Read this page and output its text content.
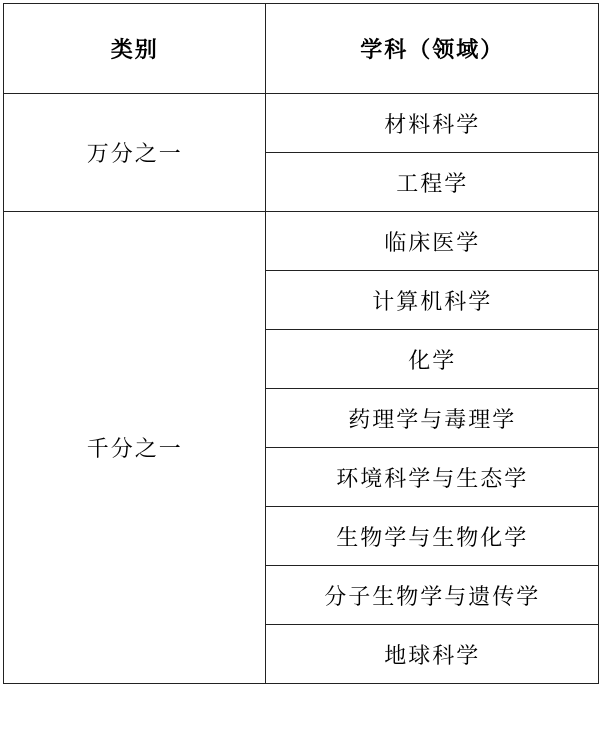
类别	学科（领域）
万分之一	材料科学
	工程学
千分之一	临床医学
	计算机科学
	化学
	药理学与毒理学
	环境科学与生态学
	生物学与生物化学
	分子生物学与遗传学
	地球科学
